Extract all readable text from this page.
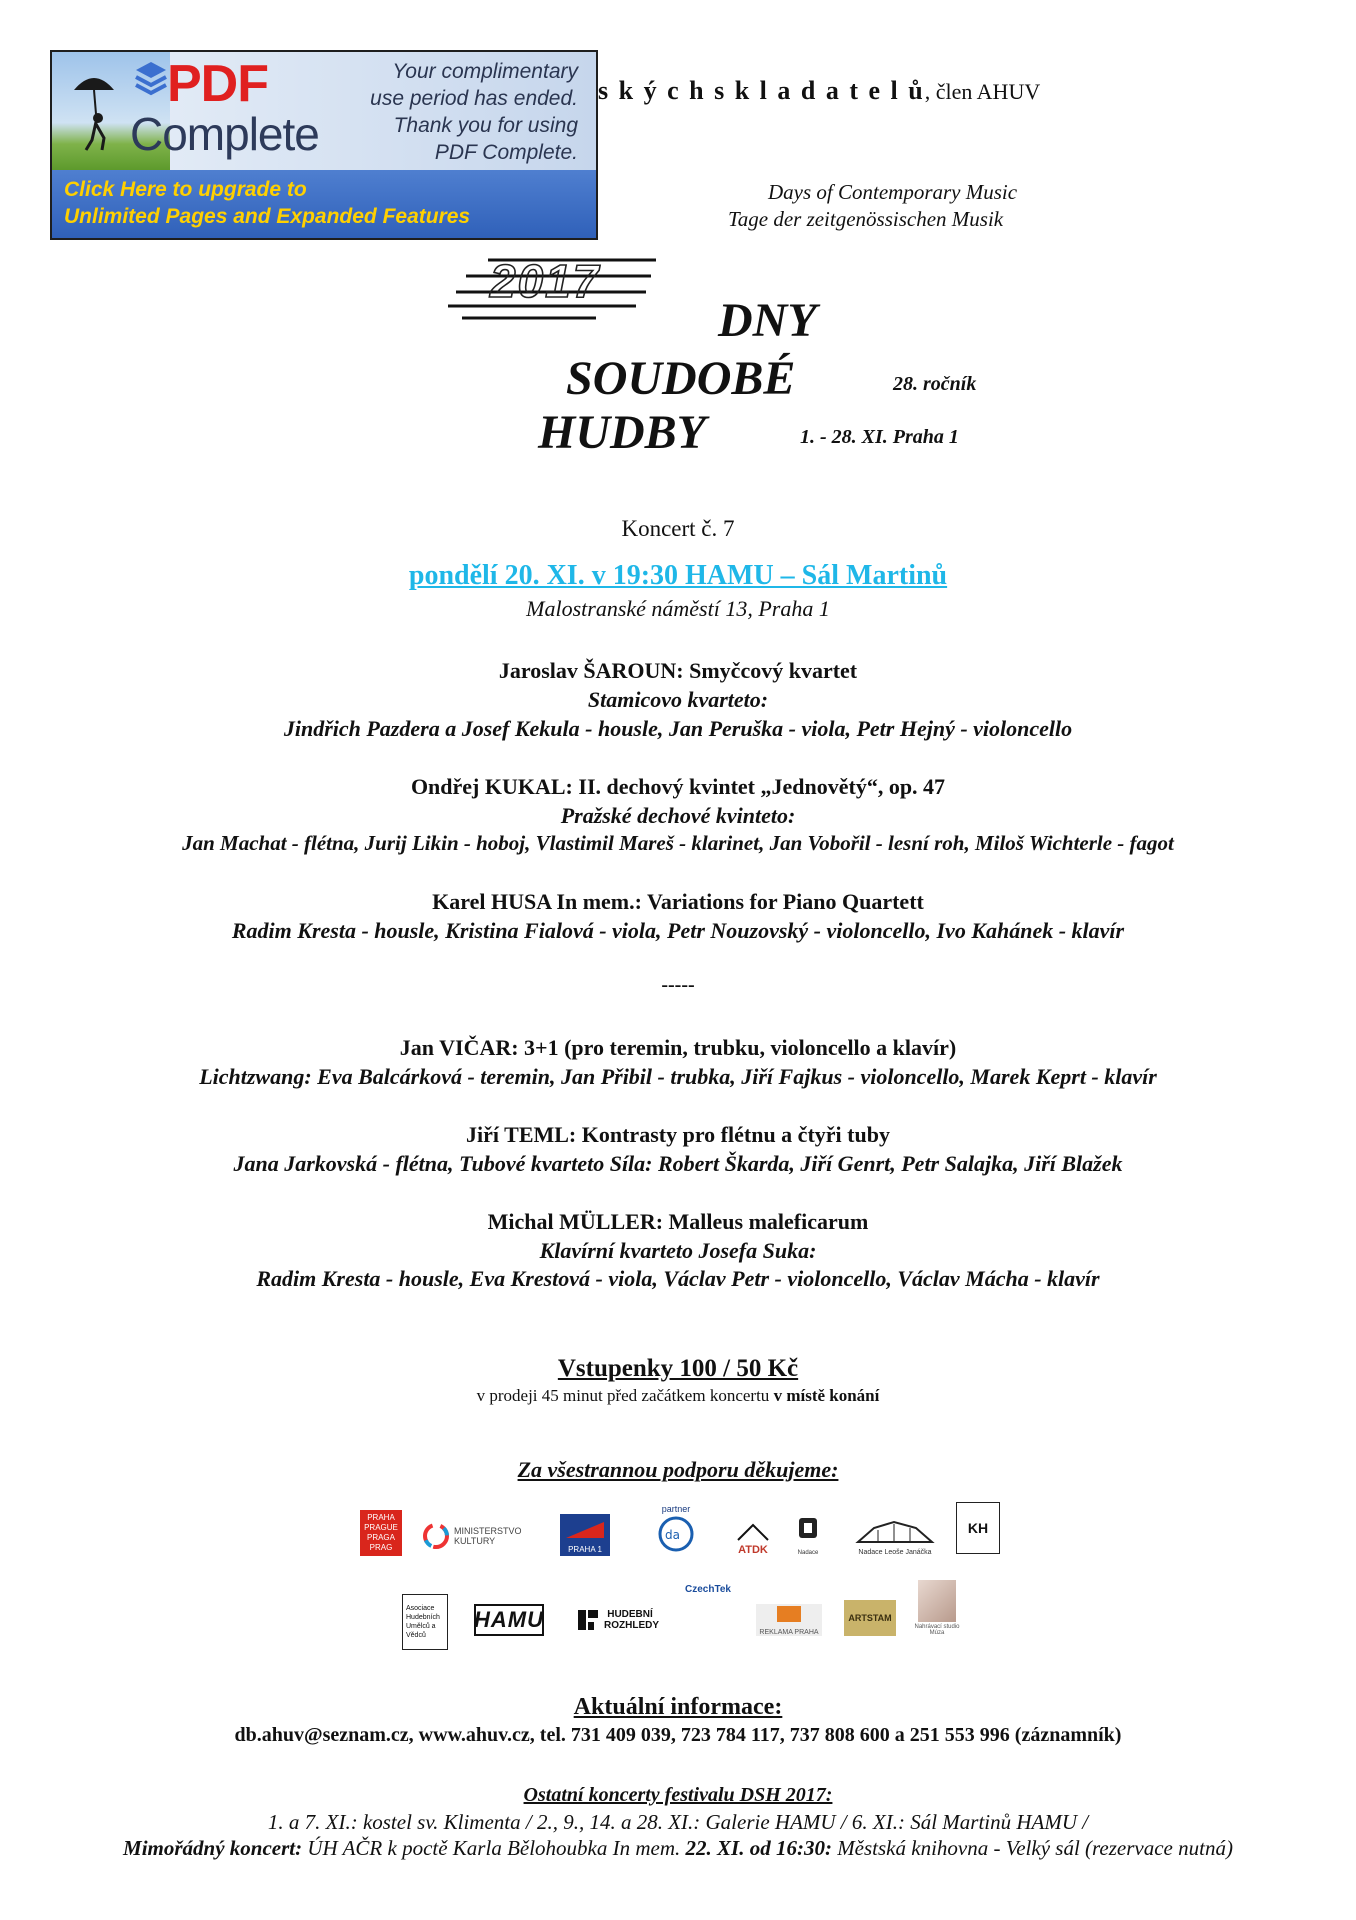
PDF
Complete
Your complimentary
use period has ended.
Thank you for using
PDF Complete.
Click Here to upgrade to
Unlimited Pages and Expanded Features
s k ý c h s k l a d a t e l ů, člen AHUV
Days of Contemporary Music
Tage der zeitgenössischen Musik
2017
DNY
SOUDOBÉ
HUDBY
28. ročník
1. - 28. XI. Praha 1
Koncert č. 7
pondělí 20. XI. v 19:30 HAMU – Sál Martinů
Malostranské náměstí 13, Praha 1
Jaroslav ŠAROUN: Smyčcový kvartet
Stamicovo kvarteto:
Jindřich Pazdera a Josef Kekula - housle, Jan Peruška - viola, Petr Hejný - violoncello
Ondřej KUKAL: II. dechový kvintet „Jednovětý“, op. 47
Pražské dechové kvinteto:
Jan Machat - flétna, Jurij Likin - hoboj, Vlastimil Mareš - klarinet, Jan Vobořil - lesní roh, Miloš Wichterle - fagot
Karel HUSA In mem.: Variations for Piano Quartett
Radim Kresta - housle, Kristina Fialová - viola, Petr Nouzovský - violoncello, Ivo Kahánek - klavír
-----
Jan VIČAR: 3+1 (pro teremin, trubku, violoncello a klavír)
Lichtzwang: Eva Balcárková - teremin, Jan Přibil - trubka, Jiří Fajkus - violoncello, Marek Keprt - klavír
Jiří TEML: Kontrasty pro flétnu a čtyři tuby
Jana Jarkovská - flétna, Tubové kvarteto Síla: Robert Škarda, Jiří Genrt, Petr Salajka, Jiří Blažek
Michal MÜLLER: Malleus maleficarum
Klavírní kvarteto Josefa Suka:
Radim Kresta - housle, Eva Krestová - viola, Václav Petr - violoncello, Václav Mácha - klavír
Vstupenky 100 / 50 Kč
v prodeji 45 minut před začátkem koncertu v místě konání
Za všestrannou podporu děkujeme:
PRAHA PRAGUE PRAGA PRAG
MINISTERSTVO KULTURY
PRAHA 1
partner
da
ATDK	Nadace	Nadace Leoše Janáčka
KH
Asociace Hudebních Umělců a Vědců
HAMU	HUDEBNÍ ROZHLEDY
CzechTek
REKLAMA PRAHA
ARTSTAM
Nahrávací studio Múza
Aktuální informace:
db.ahuv@seznam.cz, www.ahuv.cz, tel. 731 409 039, 723 784 117, 737 808 600 a 251 553 996 (záznamník)
Ostatní koncerty festivalu DSH 2017:
1. a 7. XI.: kostel sv. Klimenta / 2., 9., 14. a 28. XI.: Galerie HAMU / 6. XI.: Sál Martinů HAMU /
Mimořádný koncert: ÚH AČR k poctě Karla Bělohoubka In mem. 22. XI. od 16:30: Městská knihovna - Velký sál (rezervace nutná)
